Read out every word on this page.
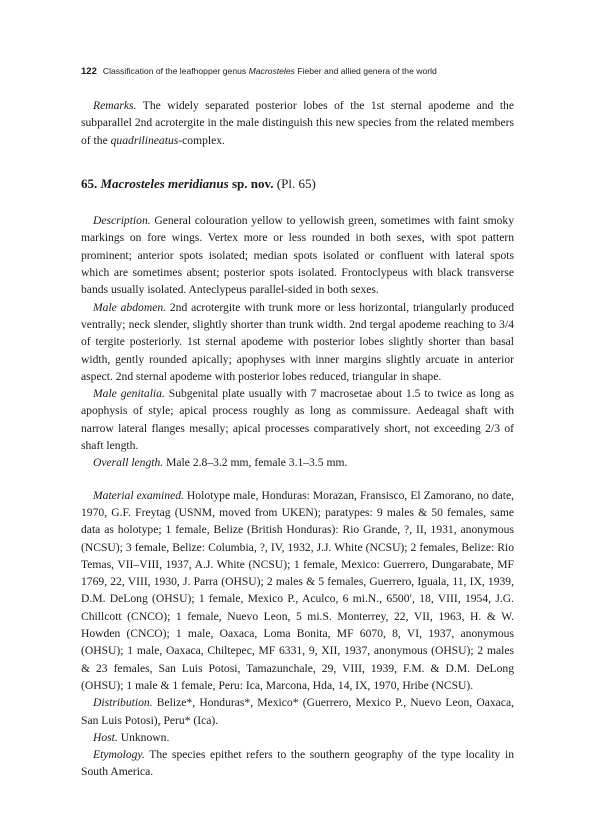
122 Classification of the leafhopper genus Macrosteles Fieber and allied genera of the world

Remarks. The widely separated posterior lobes of the 1st sternal apodeme and the subparallel 2nd acrotergite in the male distinguish this new species from the related members of the quadrilineatus-complex.

65. Macrosteles meridianus sp. nov. (Pl. 65)

Description. General colouration yellow to yellowish green, sometimes with faint smoky markings on fore wings. Vertex more or less rounded in both sexes, with spot pattern prominent; anterior spots isolated; median spots isolated or confluent with lateral spots which are sometimes absent; posterior spots isolated. Frontoclypeus with black transverse bands usually isolated. Anteclypeus parallel-sided in both sexes.

Male abdomen. 2nd acrotergite with trunk more or less horizontal, triangularly produced ventrally; neck slender, slightly shorter than trunk width. 2nd tergal apodeme reaching to 3/4 of tergite posteriorly. 1st sternal apodeme with posterior lobes slightly shorter than basal width, gently rounded apically; apophyses with inner margins slightly arcuate in anterior aspect. 2nd sternal apodeme with posterior lobes reduced, triangular in shape.

Male genitalia. Subgenital plate usually with 7 macrosetae about 1.5 to twice as long as apophysis of style; apical process roughly as long as commissure. Aedeagal shaft with narrow lateral flanges mesally; apical processes comparatively short, not exceeding 2/3 of shaft length.

Overall length. Male 2.8–3.2 mm, female 3.1–3.5 mm.

Material examined. Holotype male, Honduras: Morazan, Fransisco, El Zamorano, no date, 1970, G.F. Freytag (USNM, moved from UKEN); paratypes: 9 males & 50 females, same data as holotype; 1 female, Belize (British Honduras): Rio Grande, ?, II, 1931, anonymous (NCSU); 3 female, Belize: Columbia, ?, IV, 1932, J.J. White (NCSU); 2 females, Belize: Rio Temas, VII–VIII, 1937, A.J. White (NCSU); 1 female, Mexico: Guerrero, Dungarabate, MF 1769, 22, VIII, 1930, J. Parra (OHSU); 2 males & 5 females, Guerrero, Iguala, 11, IX, 1939, D.M. DeLong (OHSU); 1 female, Mexico P., Aculco, 6 mi.N., 6500′, 18, VIII, 1954, J.G. Chillcott (CNCO); 1 female, Nuevo Leon, 5 mi.S. Monterrey, 22, VII, 1963, H. & W. Howden (CNCO); 1 male, Oaxaca, Loma Bonita, MF 6070, 8, VI, 1937, anonymous (OHSU); 1 male, Oaxaca, Chiltepec, MF 6331, 9, XII, 1937, anonymous (OHSU); 2 males & 23 females, San Luis Potosi, Tamazunchale, 29, VIII, 1939, F.M. & D.M. DeLong (OHSU); 1 male & 1 female, Peru: Ica, Marcona, Hda, 14, IX, 1970, Hribe (NCSU).

Distribution. Belize*, Honduras*, Mexico* (Guerrero, Mexico P., Nuevo Leon, Oaxaca, San Luis Potosi), Peru* (Ica).

Host. Unknown.

Etymology. The species epithet refers to the southern geography of the type locality in South America.
